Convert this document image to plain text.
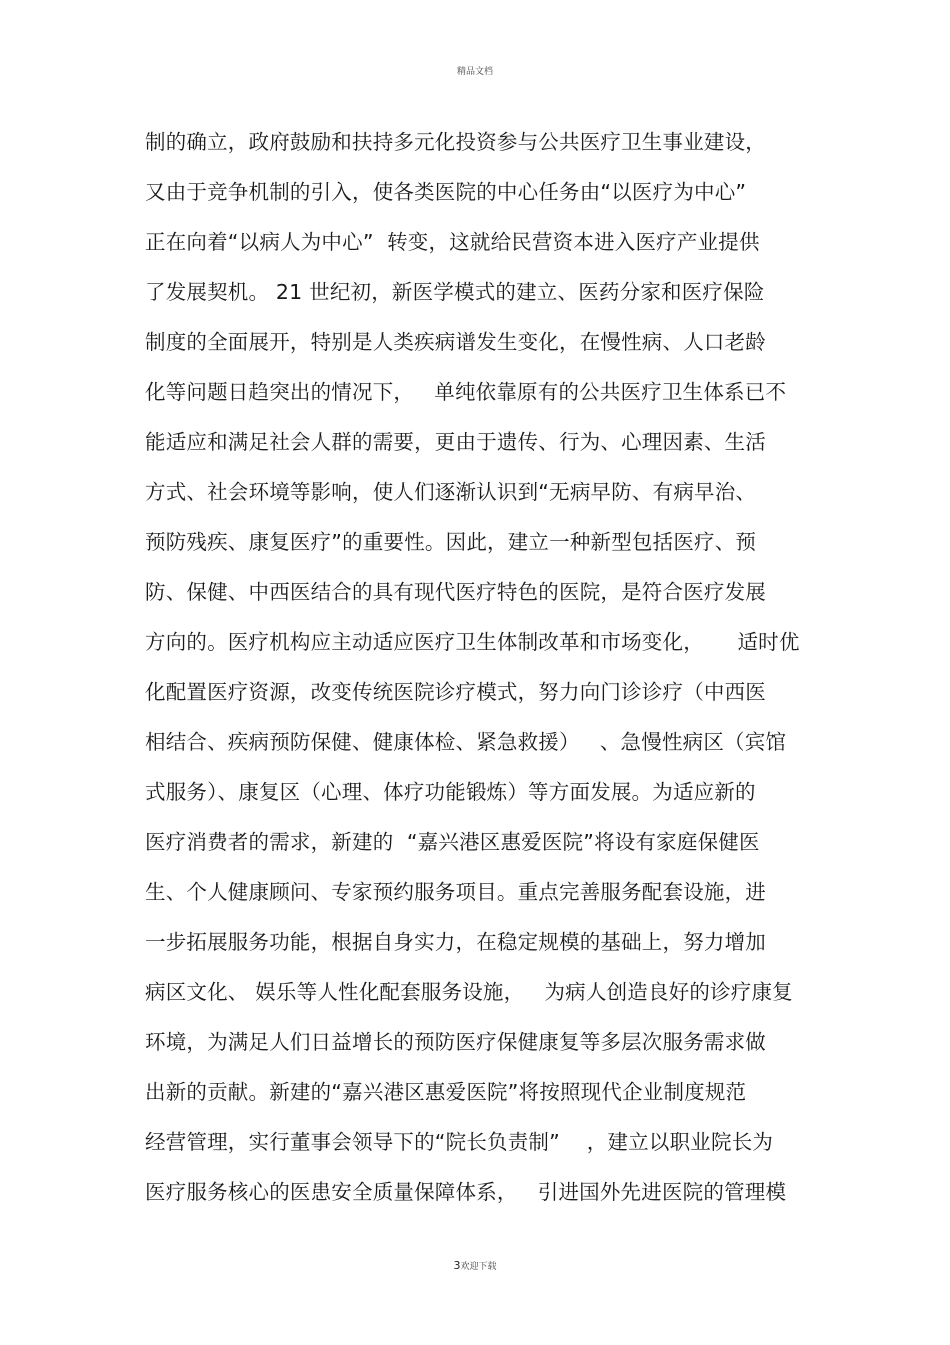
精品文档
制的确立，政府鼓励和扶持多元化投资参与公共医疗卫生事业建设，
又由于竞争机制的引入，使各类医院的中心任务由“以医疗为中心”
正在向着“以病人为中心”  转变，这就给民营资本进入医疗产业提供
了发展契机。 21 世纪初，新医学模式的建立、医药分家和医疗保险
制度的全面展开，特别是人类疾病谱发生变化，在慢性病、人口老龄
化等问题日趋突出的情况下，   单纯依靠原有的公共医疗卫生体系已不
能适应和满足社会人群的需要，更由于遗传、行为、心理因素、生活
方式、社会环境等影响，使人们逐渐认识到“无病早防、有病早治、
预防残疾、康复医疗”的重要性。因此，建立一种新型包括医疗、预
防、保健、中西医结合的具有现代医疗特色的医院，是符合医疗发展
方向的。医疗机构应主动适应医疗卫生体制改革和市场变化，     适时优
化配置医疗资源，改变传统医院诊疗模式，努力向门诊诊疗（中西医
相结合、疾病预防保健、健康体检、紧急救援）   、急慢性病区（宾馆
式服务）、康复区（心理、体疗功能锻炼）等方面发展。为适应新的
医疗消费者的需求，新建的  “嘉兴港区惠爱医院”将设有家庭保健医
生、个人健康顾问、专家预约服务项目。重点完善服务配套设施，进
一步拓展服务功能，根据自身实力，在稳定规模的基础上，努力增加
病区文化、 娱乐等人性化配套服务设施，   为病人创造良好的诊疗康复
环境，为满足人们日益增长的预防医疗保健康复等多层次服务需求做
出新的贡献。新建的“嘉兴港区惠爱医院”将按照现代企业制度规范
经营管理，实行董事会领导下的“院长负责制”    ，建立以职业院长为
医疗服务核心的医患安全质量保障体系，   引进国外先进医院的管理模
3欢迎下载
